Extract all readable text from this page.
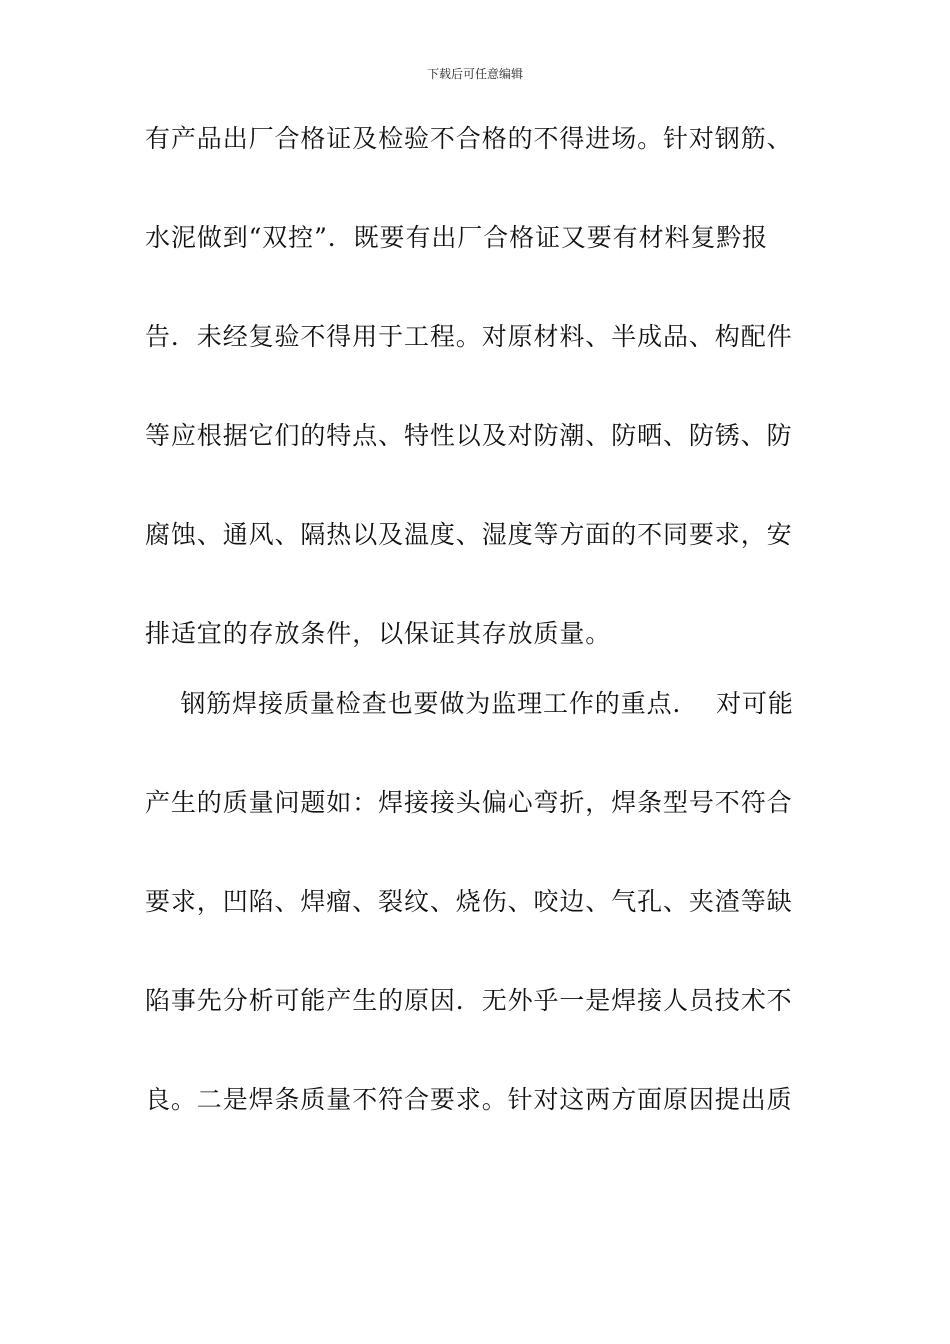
下载后可任意编辑
有产品出厂合格证及检验不合格的不得进场。针对钢筋、
水泥做到“双控”．既要有出厂合格证又要有材料复黔报
告．未经复验不得用于工程。对原材料、半成品、构配件
等应根据它们的特点、特性以及对防潮、防晒、防锈、防
腐蚀、通风、隔热以及温度、湿度等方面的不同要求，安
排适宜的存放条件，以保证其存放质量。
钢筋焊接质量检查也要做为监理工作的重点．  对可能
产生的质量问题如：焊接接头偏心弯折，焊条型号不符合
要求，凹陷、焊瘤、裂纹、烧伤、咬边、气孔、夹渣等缺
陷事先分析可能产生的原因．无外乎一是焊接人员技术不
良。二是焊条质量不符合要求。针对这两方面原因提出质
